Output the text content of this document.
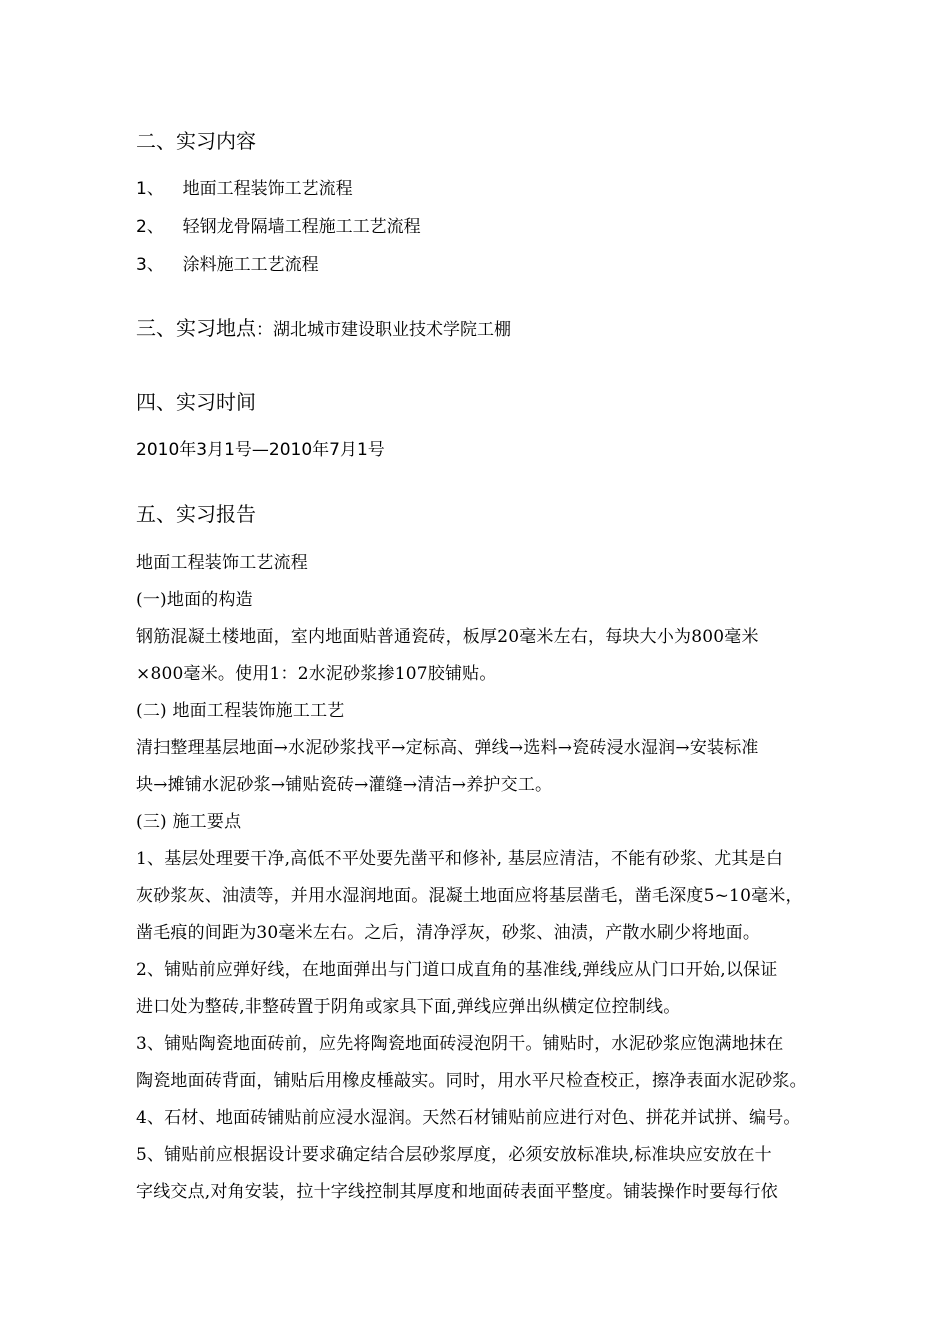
二、实习内容
1、 地面工程装饰工艺流程
2、 轻钢龙骨隔墙工程施工工艺流程
3、 涂料施工工艺流程
三、实习地点：湖北城市建设职业技术学院工棚
四、实习时间
2010年3月1号—2010年7月1号
五、实习报告
地面工程装饰工艺流程
(一)地面的构造
钢筋混凝土楼地面，室内地面贴普通瓷砖，板厚20毫米左右，每块大小为800毫米
×800毫米。使用1：2水泥砂浆掺107胶铺贴。
(二) 地面工程装饰施工工艺
清扫整理基层地面→水泥砂浆找平→定标高、弹线→选料→瓷砖浸水湿润→安装标准
块→摊铺水泥砂浆→铺贴瓷砖→灌缝→清洁→养护交工。
(三) 施工要点
1、基层处理要干净,高低不平处要先凿平和修补, 基层应清洁，不能有砂浆、尤其是白
灰砂浆灰、油渍等，并用水湿润地面。混凝土地面应将基层凿毛，凿毛深度5~10毫米，
凿毛痕的间距为30毫米左右。之后，清净浮灰，砂浆、油渍，产散水刷少将地面。
2、铺贴前应弹好线，在地面弹出与门道口成直角的基准线,弹线应从门口开始,以保证
进口处为整砖,非整砖置于阴角或家具下面,弹线应弹出纵横定位控制线。
3、铺贴陶瓷地面砖前，应先将陶瓷地面砖浸泡阴干。铺贴时，水泥砂浆应饱满地抹在
陶瓷地面砖背面，铺贴后用橡皮棰敲实。同时，用水平尺检查校正，擦净表面水泥砂浆。
4、石材、地面砖铺贴前应浸水湿润。天然石材铺贴前应进行对色、拼花并试拼、编号。
5、铺贴前应根据设计要求确定结合层砂浆厚度，必须安放标准块,标准块应安放在十
字线交点,对角安装，拉十字线控制其厚度和地面砖表面平整度。铺装操作时要每行依
